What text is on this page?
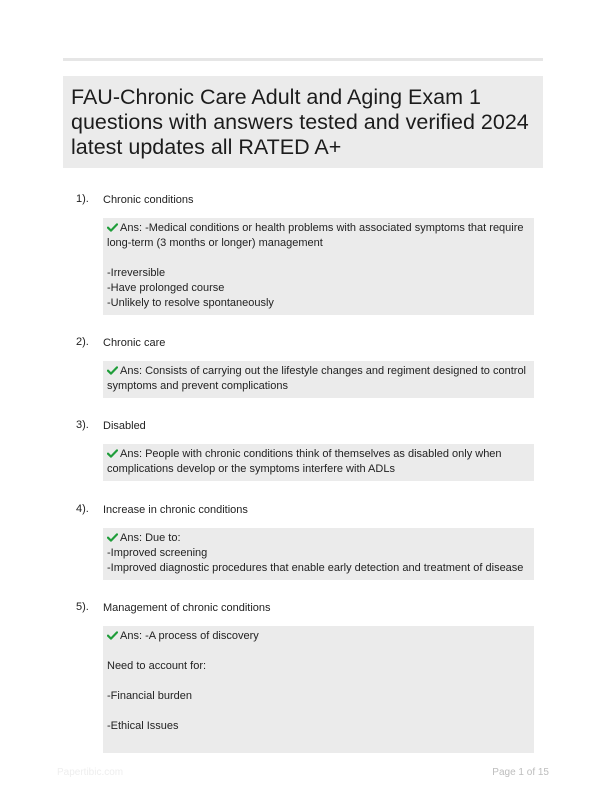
FAU-Chronic Care Adult and Aging Exam 1 questions with answers tested and verified 2024 latest updates all RATED A+
1). Chronic conditions
Ans: -Medical conditions or health problems with associated symptoms that require
long-term (3 months or longer) management
-Irreversible
-Have prolonged course
-Unlikely to resolve spontaneously
2). Chronic care
Ans: Consists of carrying out the lifestyle changes and regiment designed to control
symptoms and prevent complications
3). Disabled
Ans: People with chronic conditions think of themselves as disabled only when
complications develop or the symptoms interfere with ADLs
4). Increase in chronic conditions
Ans: Due to:
-Improved screening
-Improved diagnostic procedures that enable early detection and treatment of disease
5). Management of chronic conditions
Ans: -A process of discovery
Need to account for:
-Financial burden
-Ethical Issues
Papertibic.com	Page 1 of 15
